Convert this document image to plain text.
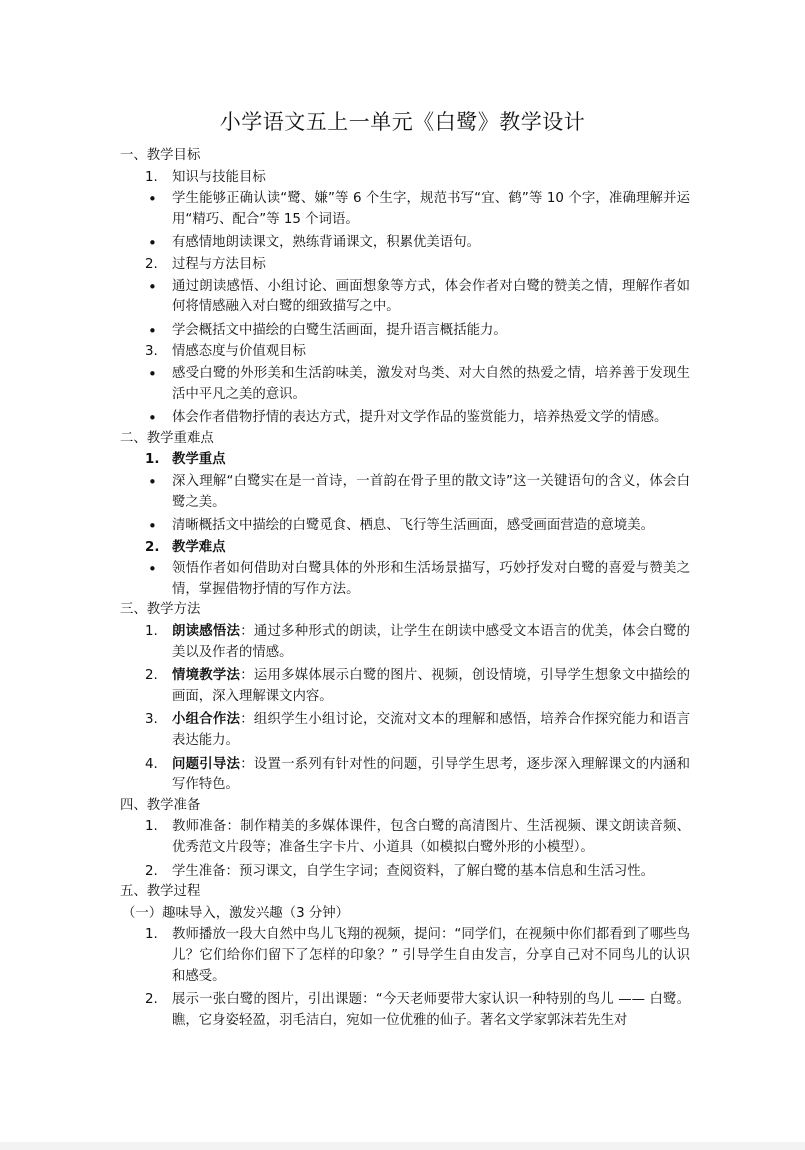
小学语文五上一单元《白鹭》教学设计
一、教学目标
1.	知识与技能目标
•	学生能够正确认读“鹭、嫌”等 6 个生字，规范书写“宜、鹤”等 10 个字，准确理解并运用“精巧、配合”等 15 个词语。
•	有感情地朗读课文，熟练背诵课文，积累优美语句。
2.	过程与方法目标
•	通过朗读感悟、小组讨论、画面想象等方式，体会作者对白鹭的赞美之情，理解作者如何将情感融入对白鹭的细致描写之中。
•	学会概括文中描绘的白鹭生活画面，提升语言概括能力。
3.	情感态度与价值观目标
•	感受白鹭的外形美和生活韵味美，激发对鸟类、对大自然的热爱之情，培养善于发现生活中平凡之美的意识。
•	体会作者借物抒情的表达方式，提升对文学作品的鉴赏能力，培养热爱文学的情感。
二、教学重难点
1. 教学重点
•	深入理解“白鹭实在是一首诗，一首韵在骨子里的散文诗”这一关键语句的含义，体会白鹭之美。
•	清晰概括文中描绘的白鹭觅食、栖息、飞行等生活画面，感受画面营造的意境美。
2. 教学难点
•	领悟作者如何借助对白鹭具体的外形和生活场景描写，巧妙抒发对白鹭的喜爱与赞美之情，掌握借物抒情的写作方法。
三、教学方法
1.	朗读感悟法：通过多种形式的朗读，让学生在朗读中感受文本语言的优美，体会白鹭的美以及作者的情感。
2.	情境教学法：运用多媒体展示白鹭的图片、视频，创设情境，引导学生想象文中描绘的画面，深入理解课文内容。
3.	小组合作法：组织学生小组讨论，交流对文本的理解和感悟，培养合作探究能力和语言表达能力。
4.	问题引导法：设置一系列有针对性的问题，引导学生思考，逐步深入理解课文的内涵和写作特色。
四、教学准备
1.	教师准备：制作精美的多媒体课件，包含白鹭的高清图片、生活视频、课文朗读音频、优秀范文片段等；准备生字卡片、小道具（如模拟白鹭外形的小模型）。
2.	学生准备：预习课文，自学生字词；查阅资料，了解白鹭的基本信息和生活习性。
五、教学过程
（一）趣味导入，激发兴趣（3 分钟）
1.	教师播放一段大自然中鸟儿飞翔的视频，提问：“同学们，在视频中你们都看到了哪些鸟儿？它们给你们留下了怎样的印象？” 引导学生自由发言，分享自己对不同鸟儿的认识和感受。
2.	展示一张白鹭的图片，引出课题：“今天老师要带大家认识一种特别的鸟儿 —— 白鹭。瞧，它身姿轻盈，羽毛洁白，宛如一位优雅的仙子。著名文学家郭沫若先生对
